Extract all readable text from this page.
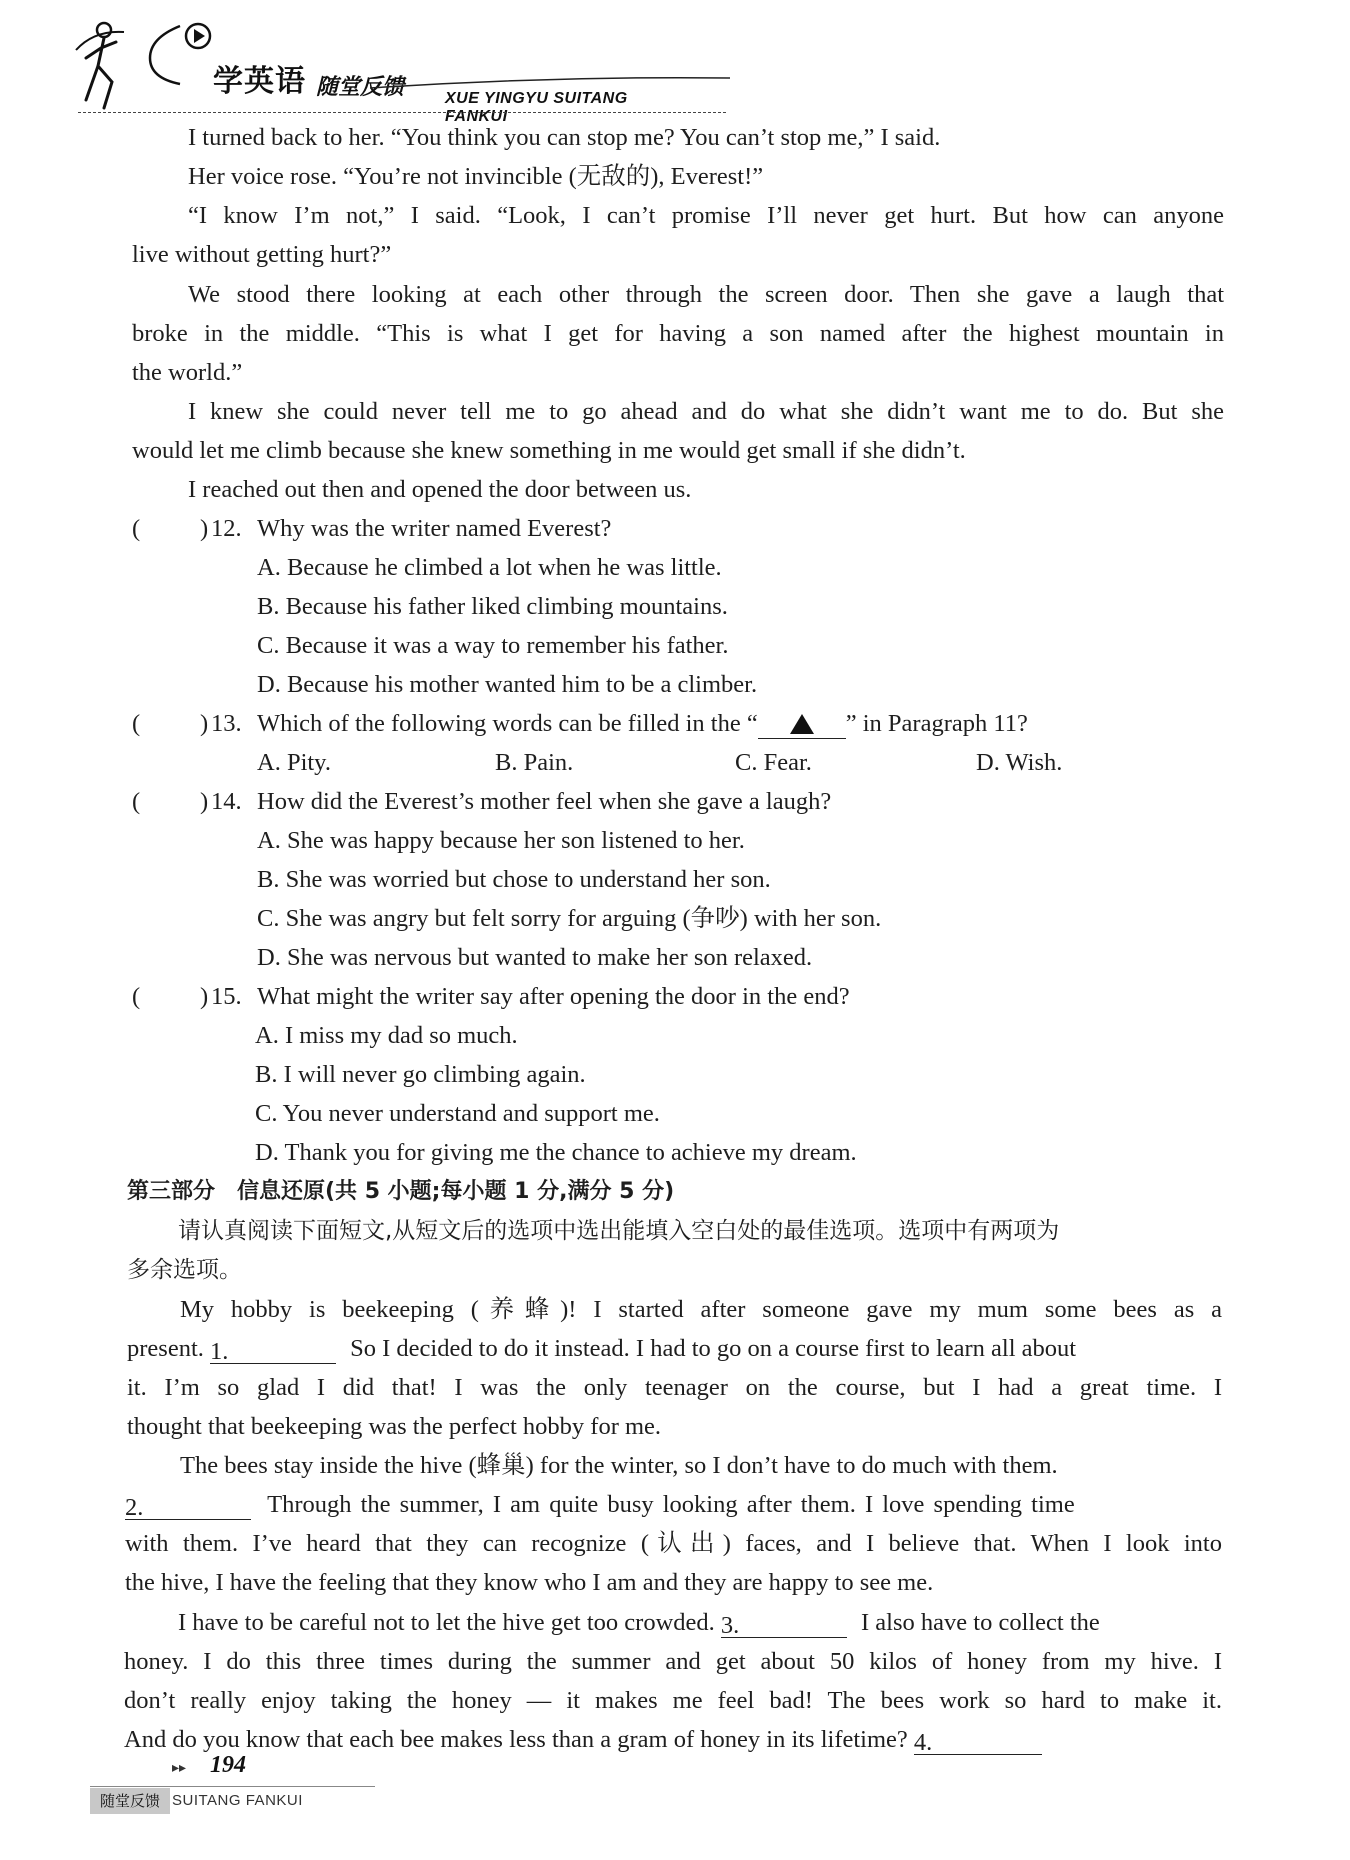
学英语 随堂反馈	XUE YINGYU SUITANG FANKUI
I turned back to her. “You think you can stop me? You can’t stop me,” I said.
Her voice rose. “You’re not invincible (无敌的), Everest!”
“I know I’m not,” I said. “Look, I can’t promise I’ll never get hurt. But how can anyone
live without getting hurt?”
We stood there looking at each other through the screen door. Then she gave a laugh that
broke in the middle. “This is what I get for having a son named after the highest mountain in
the world.”
I knew she could never tell me to go ahead and do what she didn’t want me to do. But she
would let me climb because she knew something in me would get small if she didn’t.
I reached out then and opened the door between us.
( ) 12. Why was the writer named Everest?
A. Because he climbed a lot when he was little.
B. Because his father liked climbing mountains.
C. Because it was a way to remember his father.
D. Because his mother wanted him to be a climber.
( ) 13. Which of the following words can be filled in the “	” in Paragraph 11?
A. Pity.	B. Pain.	C. Fear.	D. Wish.
( ) 14. How did the Everest’s mother feel when she gave a laugh?
A. She was happy because her son listened to her.
B. She was worried but chose to understand her son.
C. She was angry but felt sorry for arguing (争吵) with her son.
D. She was nervous but wanted to make her son relaxed.
( ) 15. What might the writer say after opening the door in the end?
A. I miss my dad so much.
B. I will never go climbing again.
C. You never understand and support me.
D. Thank you for giving me the chance to achieve my dream.
第三部分　信息还原(共 5 小题;每小题 1 分,满分 5 分)
请认真阅读下面短文,从短文后的选项中选出能填入空白处的最佳选项。选项中有两项为
多余选项。
My hobby is beekeeping (养蜂)! I started after someone gave my mum some bees as a
present. 1.	So I decided to do it instead. I had to go on a course first to learn all about
it. I’m so glad I did that! I was the only teenager on the course, but I had a great time. I
thought that beekeeping was the perfect hobby for me.
The bees stay inside the hive (蜂巢) for the winter, so I don’t have to do much with them.
2.	Through the summer, I am quite busy looking after them. I love spending time
with them. I’ve heard that they can recognize (认出) faces, and I believe that. When I look into
the hive, I have the feeling that they know who I am and they are happy to see me.
I have to be careful not to let the hive get too crowded. 3.	I also have to collect the
honey. I do this three times during the summer and get about 50 kilos of honey from my hive. I
don’t really enjoy taking the honey — it makes me feel bad! The bees work so hard to make it.
And do you know that each bee makes less than a gram of honey in its lifetime? 4.
▸▸ 194
随堂反馈 SUITANG FANKUI
